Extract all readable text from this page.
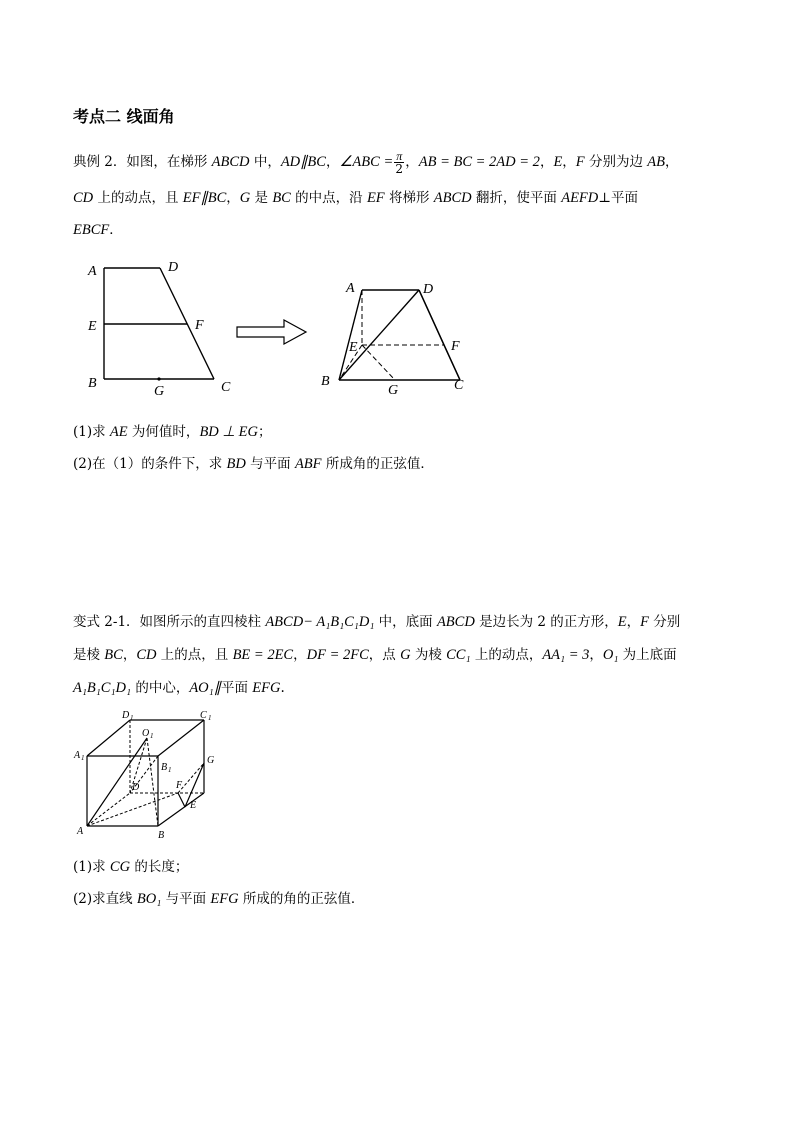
考点二 线面角
典例 2．如图，在梯形 ABCD 中，AD∥BC，∠ABC = $\frac{\pi}{2}$ ，AB = BC = 2AD = 2，E，F 分别为边 AB，
CD 上的动点，且 EF∥BC，G 是 BC 的中点，沿 EF 将梯形 ABCD 翻折，使平面 AEFD⊥平面
EBCF．
A	D
E	F
B
G	C
A	D
E	F
B
G	C
(1)求 AE 为何值时，BD ⊥ EG；
(2)在（1）的条件下，求 BD 与平面 ABF 所成角的正弦值．
变式 2-1．如图所示的直四棱柱 ABCD− A₁B₁C₁D₁ 中，底面 ABCD 是边长为 2 的正方形，E，F 分别
是棱 BC，CD 上的点，且 BE = 2EC，DF = 2FC，点 G 为棱 CC₁ 上的动点，AA₁ = 3，O₁ 为上底面
A₁B₁C₁D₁ 的中心，AO₁∥平面 EFG.
D 1	C 1
O 1
A 1
B 1
D	F
G
E
A	B
(1)求 CG 的长度；
(2)求直线 BO₁ 与平面 EFG 所成的角的正弦值．
